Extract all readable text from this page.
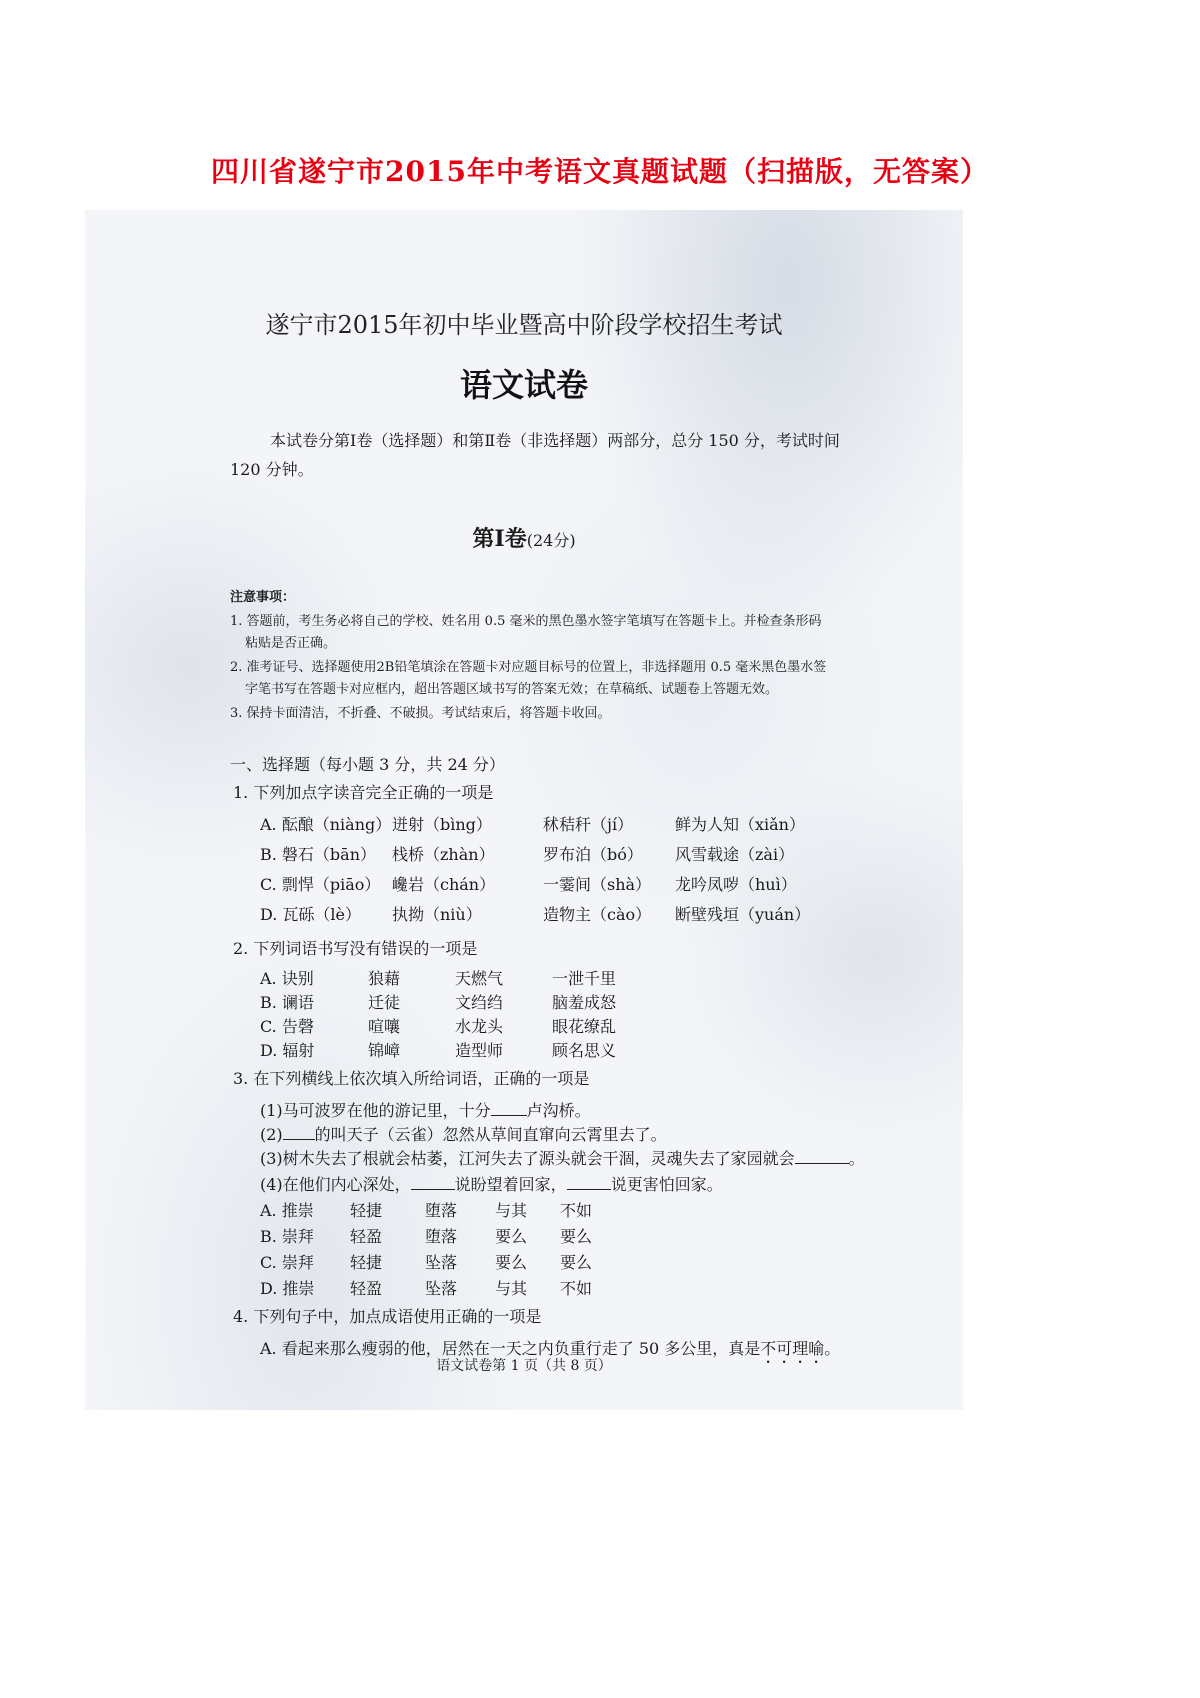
四川省遂宁市2015年中考语文真题试题（扫描版，无答案）
遂宁市2015年初中毕业暨高中阶段学校招生考试
语文试卷
本试卷分第Ⅰ卷（选择题）和第Ⅱ卷（非选择题）两部分，总分 150 分，考试时间
120 分钟。
第Ⅰ卷(24分)
注意事项：
1. 答题前，考生务必将自己的学校、姓名用 0.5 毫米的黑色墨水签字笔填写在答题卡上。并检查条形码
粘贴是否正确。
2. 准考证号、选择题使用2B铅笔填涂在答题卡对应题目标号的位置上，非选择题用 0.5 毫米黑色墨水签
字笔书写在答题卡对应框内，超出答题区域书写的答案无效；在草稿纸、试题卷上答题无效。
3. 保持卡面清洁，不折叠、不破损。考试结束后，将答题卡收回。
一、选择题（每小题 3 分，共 24 分）
1. 下列加点字读音完全正确的一项是
A. 酝酿（niàng） 迸射（bìng）	秫秸秆（jí）	鲜为人知（xiǎn）
B. 磐石（bān） 栈桥（zhàn）	罗布泊（bó） 风雪载途（zài）
C. 剽悍（piāo） 巉岩（chán）	一霎间（shà） 龙吟凤哕（huì）
D. 瓦砾（lè） 执拗（niù）	造物主（cào） 断壁残垣（yuán）
2. 下列词语书写没有错误的一项是
A. 诀别	狼藉	天燃气	一泄千里
B. 谰语	迁徒	文绉绉	脑羞成怒
C. 告磬	喧嚷	水龙头	眼花缭乱
D. 辐射	锦嶂	造型师	顾名思义
3. 在下列横线上依次填入所给词语，正确的一项是
(1)马可波罗在他的游记里，十分 卢沟桥。
(2) 的叫天子（云雀）忽然从草间直窜向云霄里去了。
(3)树木失去了根就会枯萎，江河失去了源头就会干涸，灵魂失去了家园就会	。
(4)在他们内心深处，	说盼望着回家，	说更害怕回家。
A. 推崇 轻捷	堕落 与其 不如
B. 崇拜 轻盈	堕落 要么 要么
C. 崇拜 轻捷	坠落 要么 要么
D. 推崇 轻盈	坠落 与其 不如
4. 下列句子中，加点成语使用正确的一项是
A. 看起来那么瘦弱的他，居然在一天之内负重行走了 50 多公里，真是不可理喻。
语文试卷第 1 页（共 8 页）
